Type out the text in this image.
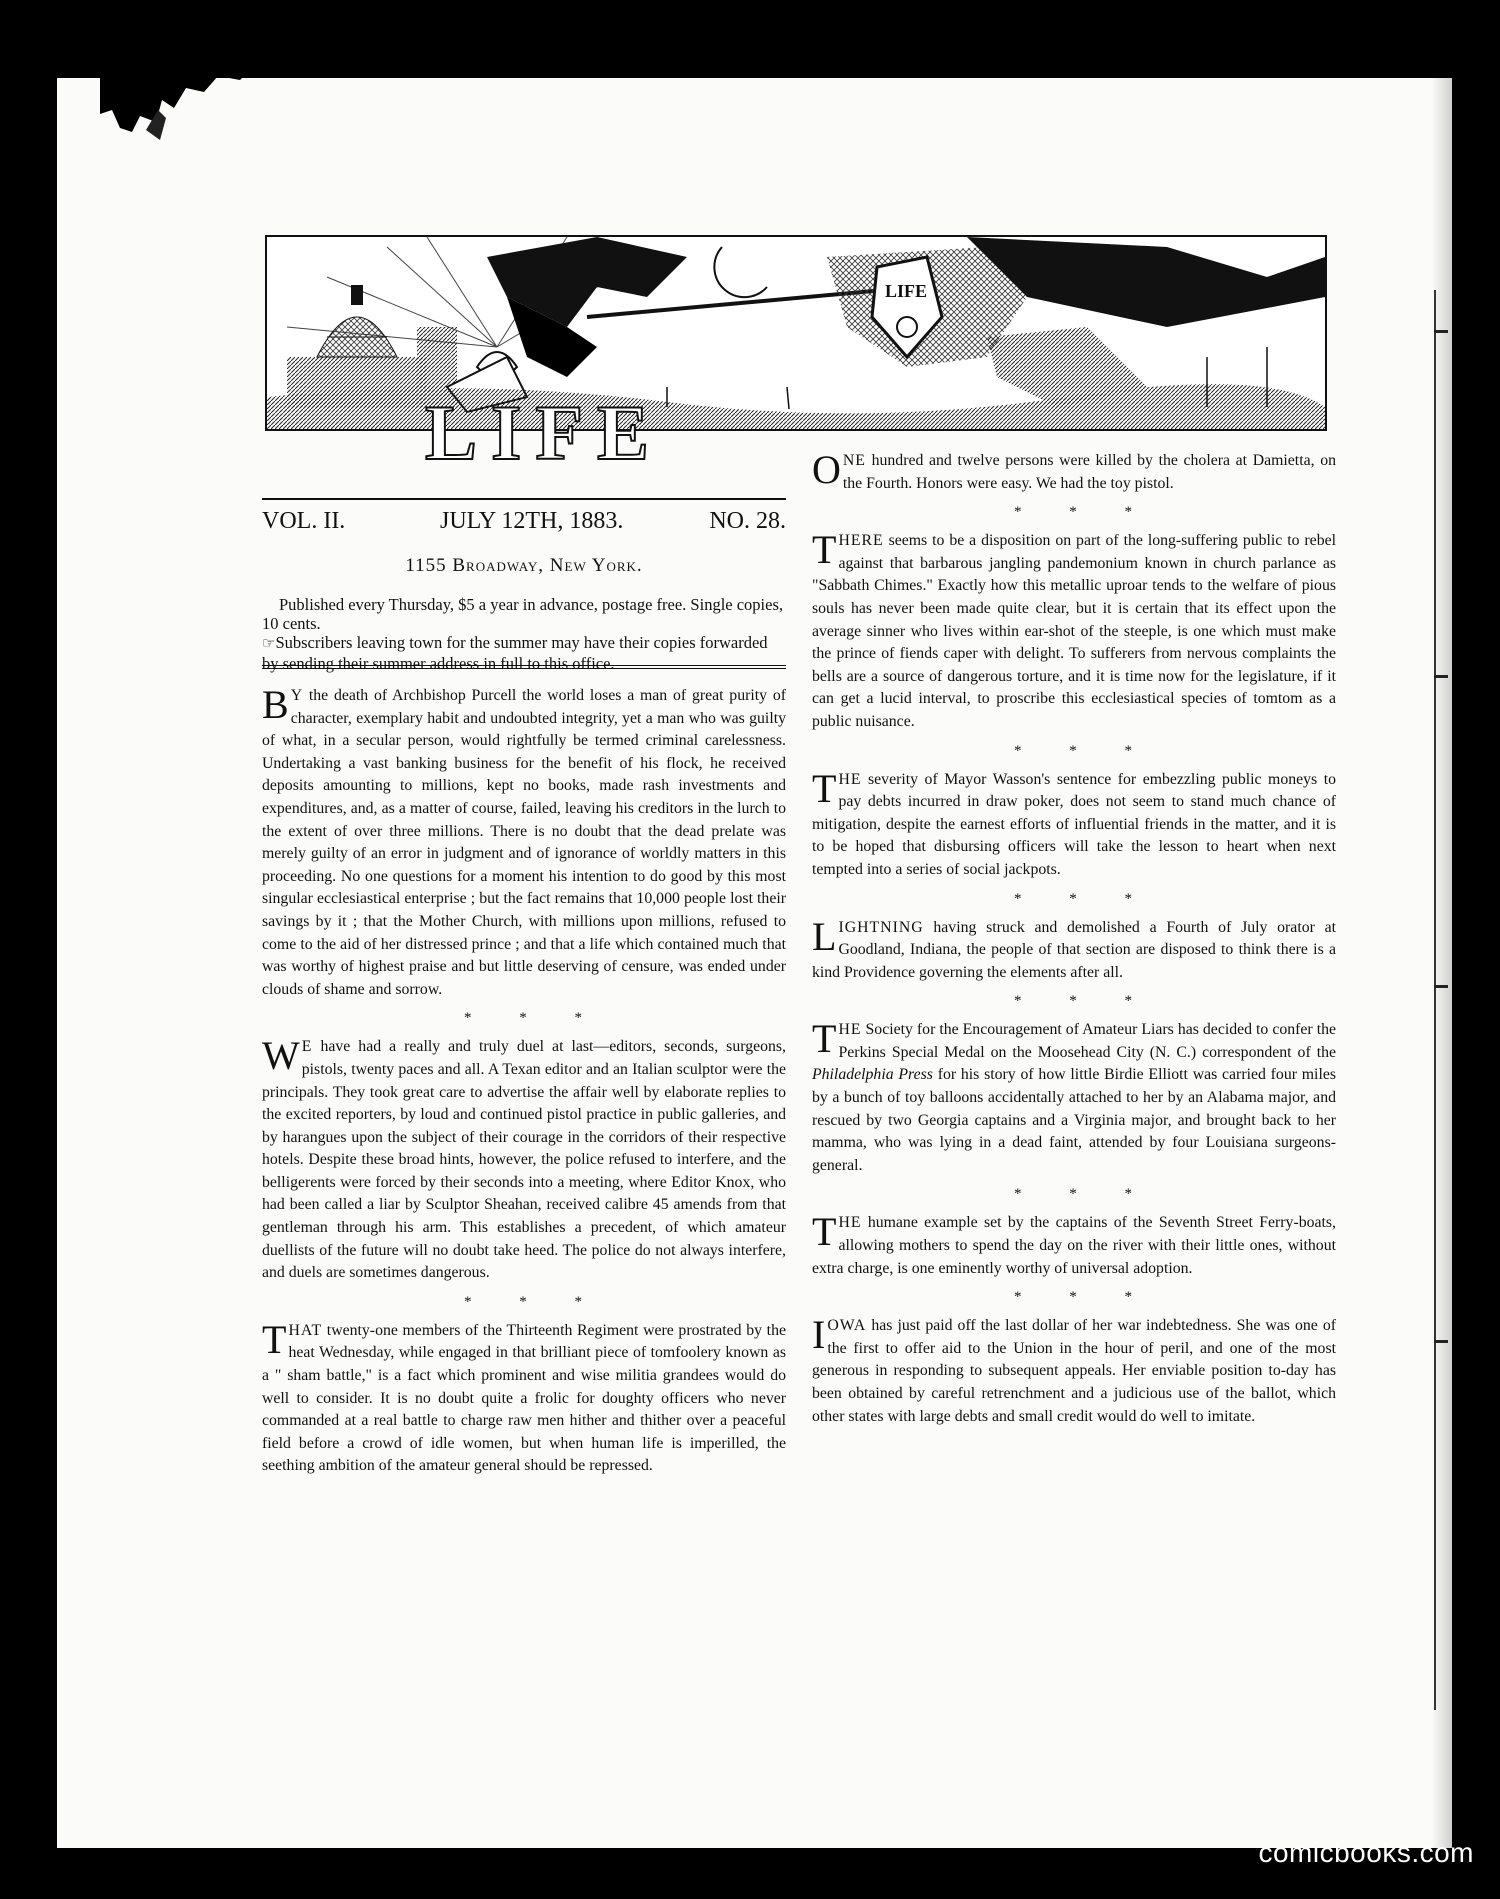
LIFE
LIFE
VOL. II.	JULY 12TH, 1883.	NO. 28.
1155 Broadway, New York.

Published every Thursday, $5 a year in advance, postage free. Single copies, 10 cents.

☞Subscribers leaving town for the summer may have their copies forwarded by sending their summer address in full to this office.

B Y the death of Archbishop Purcell the world loses a man of great purity of character, exemplary habit and undoubted integrity, yet a man who was guilty of what, in a secular person, would rightfully be termed criminal carelessness. Undertaking a vast banking business for the benefit of his flock, he received deposits amounting to millions, kept no books, made rash investments and expenditures, and, as a matter of course, failed, leaving his creditors in the lurch to the extent of over three millions. There is no doubt that the dead prelate was merely guilty of an error in judgment and of ignorance of worldly matters in this proceeding. No one questions for a moment his intention to do good by this most singular ecclesiastical enterprise ; but the fact remains that 10,000 people lost their savings by it ; that the Mother Church, with millions upon millions, refused to come to the aid of her distressed prince ; and that a life which contained much that was worthy of highest praise and but little deserving of censure, was ended under clouds of shame and sorrow.

* * *

W E have had a really and truly duel at last—editors, seconds, surgeons, pistols, twenty paces and all. A Texan editor and an Italian sculptor were the principals. They took great care to advertise the affair well by elaborate replies to the excited reporters, by loud and continued pistol practice in public galleries, and by harangues upon the subject of their courage in the corridors of their respective hotels. Despite these broad hints, however, the police refused to interfere, and the belligerents were forced by their seconds into a meeting, where Editor Knox, who had been called a liar by Sculptor Sheahan, received calibre 45 amends from that gentleman through his arm. This establishes a precedent, of which amateur duellists of the future will no doubt take heed. The police do not always interfere, and duels are sometimes dangerous.

* * *

THAT twenty-one members of the Thirteenth Regiment were prostrated by the heat Wednesday, while engaged in that brilliant piece of tomfoolery known as a " sham battle," is a fact which prominent and wise militia grandees would do well to consider. It is no doubt quite a frolic for doughty officers who never commanded at a real battle to charge raw men hither and thither over a peaceful field before a crowd of idle women, but when human life is imperilled, the seething ambition of the amateur general should be repressed.

ONE hundred and twelve persons were killed by the cholera at Damietta, on the Fourth. Honors were easy. We had the toy pistol.

* * *

THERE seems to be a disposition on part of the long-suffering public to rebel against that barbarous jangling pandemonium known in church parlance as "Sabbath Chimes." Exactly how this metallic uproar tends to the welfare of pious souls has never been made quite clear, but it is certain that its effect upon the average sinner who lives within ear-shot of the steeple, is one which must make the prince of fiends caper with delight. To sufferers from nervous complaints the bells are a source of dangerous torture, and it is time now for the legislature, if it can get a lucid interval, to proscribe this ecclesiastical species of tomtom as a public nuisance.

* * *

THE severity of Mayor Wasson's sentence for embezzling public moneys to pay debts incurred in draw poker, does not seem to stand much chance of mitigation, despite the earnest efforts of influential friends in the matter, and it is to be hoped that disbursing officers will take the lesson to heart when next tempted into a series of social jackpots.

* * *

LIGHTNING having struck and demolished a Fourth of July orator at Goodland, Indiana, the people of that section are disposed to think there is a kind Providence governing the elements after all.

* * *

THE Society for the Encouragement of Amateur Liars has decided to confer the Perkins Special Medal on the Moosehead City (N. C.) correspondent of the Philadelphia Press for his story of how little Birdie Elliott was carried four miles by a bunch of toy balloons accidentally attached to her by an Alabama major, and rescued by two Georgia captains and a Virginia major, and brought back to her mamma, who was lying in a dead faint, attended by four Louisiana surgeons-general.

* * *

THE humane example set by the captains of the Seventh Street Ferry-boats, allowing mothers to spend the day on the river with their little ones, without extra charge, is one eminently worthy of universal adoption.

* * *

IOWA has just paid off the last dollar of her war indebtedness. She was one of the first to offer aid to the Union in the hour of peril, and one of the most generous in responding to subsequent appeals. Her enviable position to-day has been obtained by careful retrenchment and a judicious use of the ballot, which other states with large debts and small credit would do well to imitate.

comicbooks.com
